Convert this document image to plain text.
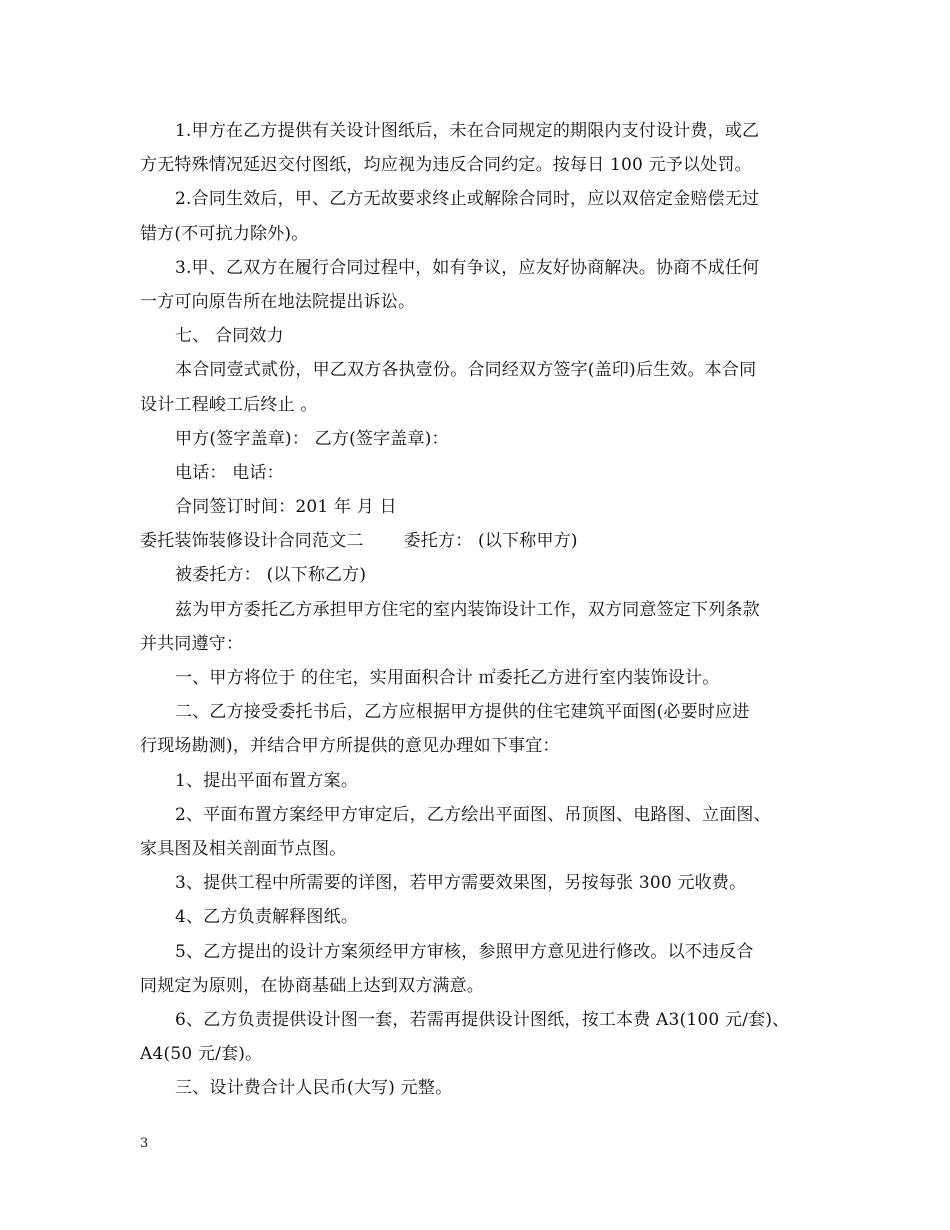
1.甲方在乙方提供有关设计图纸后，未在合同规定的期限内支付设计费，或乙
方无特殊情况延迟交付图纸，均应视为违反合同约定。按每日 100 元予以处罚。
2.合同生效后，甲、乙方无故要求终止或解除合同时，应以双倍定金赔偿无过
错方(不可抗力除外)。
3.甲、乙双方在履行合同过程中，如有争议，应友好协商解决。协商不成任何
一方可向原告所在地法院提出诉讼。
七、 合同效力
本合同壹式贰份，甲乙双方各执壹份。合同经双方签字(盖印)后生效。本合同
设计工程峻工后终止 。
甲方(签字盖章)： 乙方(签字盖章)：
电话： 电话：
合同签订时间：201 年 月 日
委托装饰装修设计合同范文二　　 委托方： (以下称甲方)
被委托方： (以下称乙方)
兹为甲方委托乙方承担甲方住宅的室内装饰设计工作，双方同意签定下列条款
并共同遵守：
一、甲方将位于 的住宅，实用面积合计 ㎡委托乙方进行室内装饰设计。
二、乙方接受委托书后，乙方应根据甲方提供的住宅建筑平面图(必要时应进
行现场勘测)，并结合甲方所提供的意见办理如下事宜：
1、提出平面布置方案。
2、平面布置方案经甲方审定后，乙方绘出平面图、吊顶图、电路图、立面图、
家具图及相关剖面节点图。
3、提供工程中所需要的详图，若甲方需要效果图，另按每张 300 元收费。
4、乙方负责解释图纸。
5、乙方提出的设计方案须经甲方审核，参照甲方意见进行修改。以不违反合
同规定为原则，在协商基础上达到双方满意。
6、乙方负责提供设计图一套，若需再提供设计图纸，按工本费 A3(100 元/套)、
A4(50 元/套)。
三、设计费合计人民币(大写) 元整。
3
